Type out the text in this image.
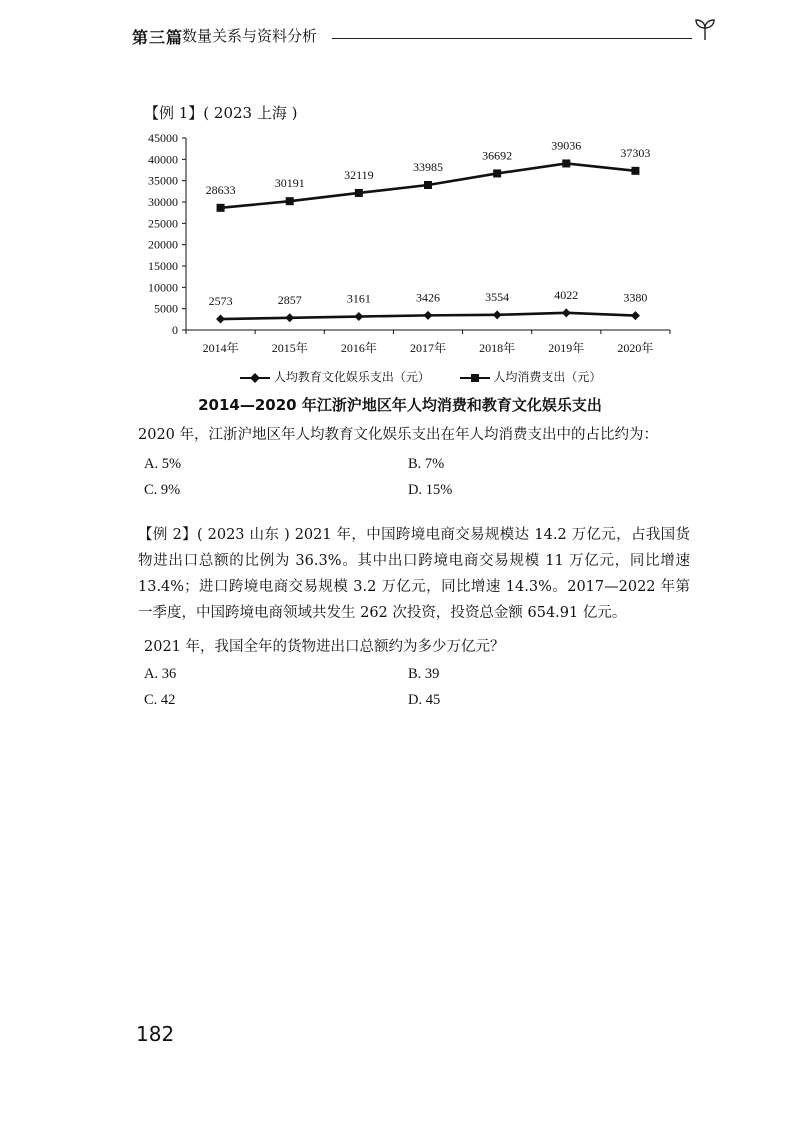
第三篇
数量关系与资料分析
【例 1】( 2023 上海 )
45000
40000
35000
30000
25000
20000
15000
10000
5000
0
2014年	2015年	2016年	2017年	2018年	2019年	2020年
2573	2857	3161	3426	3554	4022	3380
28633	30191
32119
33985
36692
39036
37303
人均教育文化娱乐支出（元）	人均消费支出（元）
2014—2020 年江浙沪地区年人均消费和教育文化娱乐支出
2020 年，江浙沪地区年人均教育文化娱乐支出在年人均消费支出中的占比约为：
A. 5%	B. 7%
C. 9%	D. 15%
【例 2】( 2023 山东 ) 2021 年，中国跨境电商交易规模达 14.2 万亿元，占我国货物进出口总额的比例为 36.3%。其中出口跨境电商交易规模 11 万亿元，同比增速 13.4%；进口跨境电商交易规模 3.2 万亿元，同比增速 14.3%。2017—2022 年第一季度，中国跨境电商领域共发生 262 次投资，投资总金额 654.91 亿元。
2021 年，我国全年的货物进出口总额约为多少万亿元？
A. 36	B. 39
C. 42	D. 45
182
